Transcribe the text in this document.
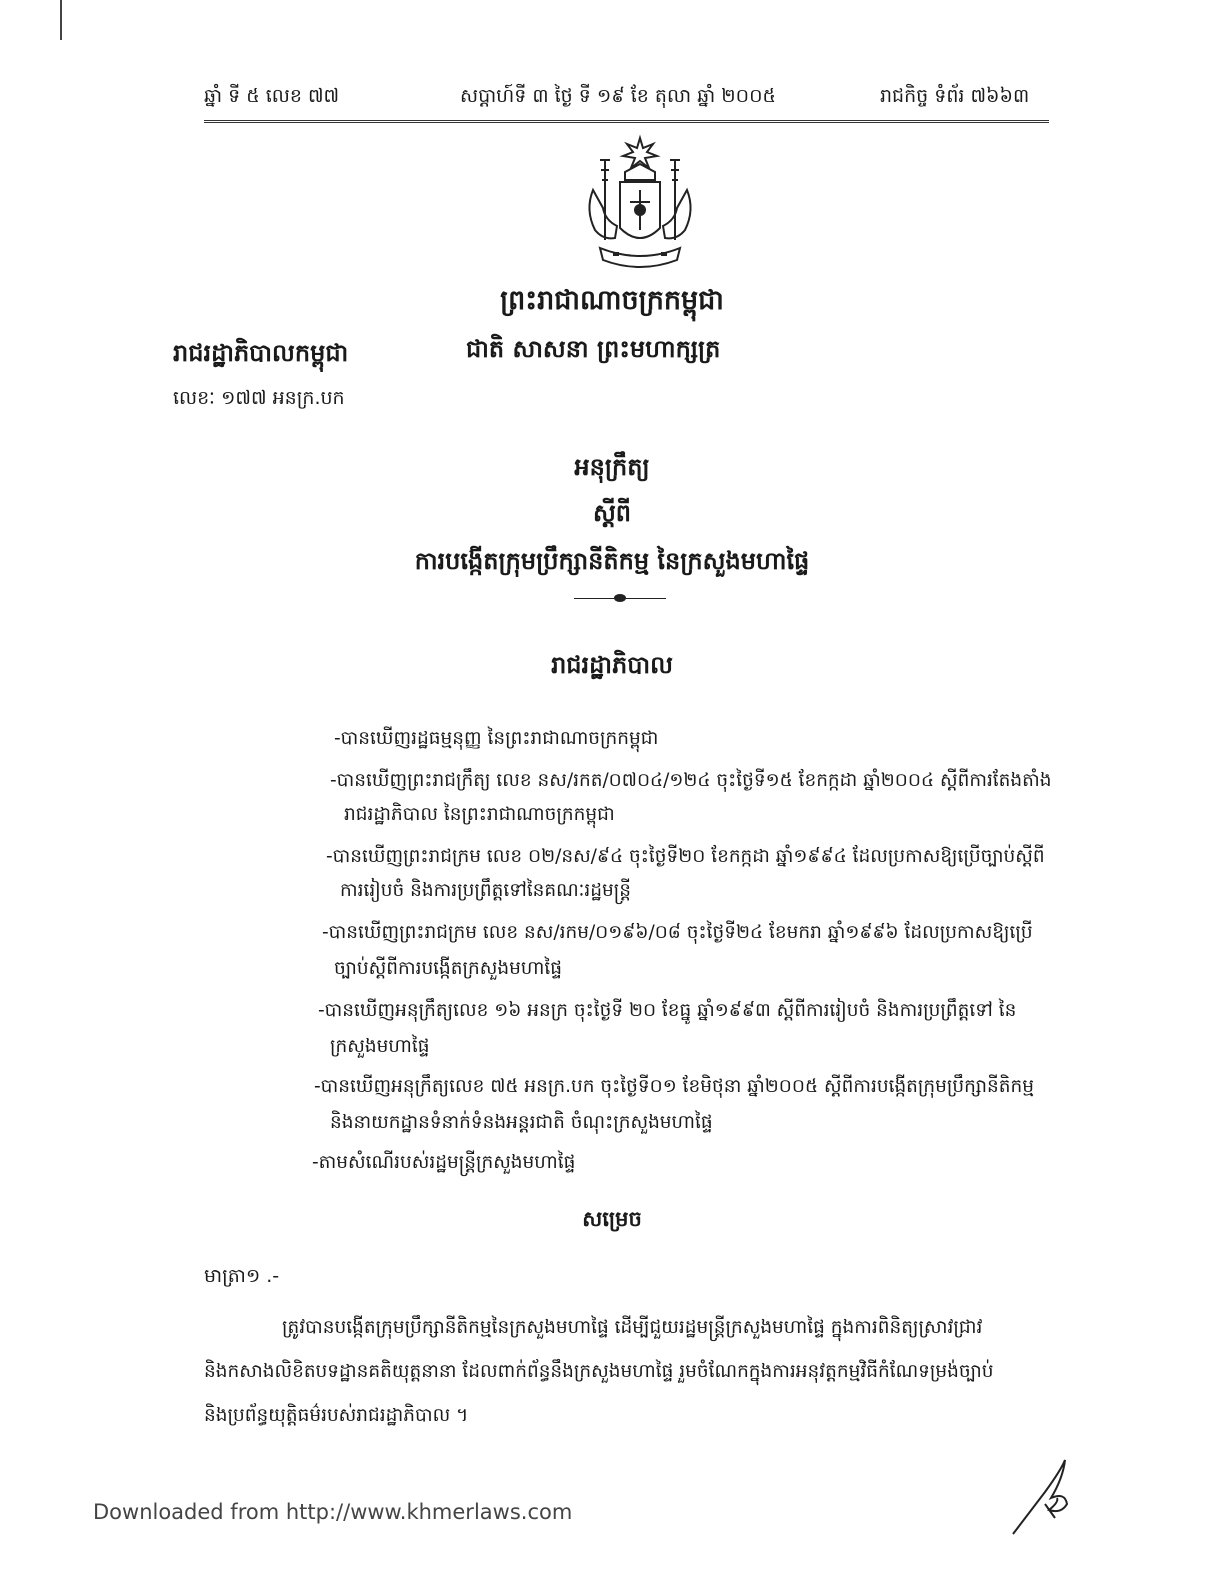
ឆ្នាំ ទី ៥ លេខ ៧៧	សប្តាហ៍ទី ៣ ថ្ងៃ ទី ១៩ ខែ តុលា ឆ្នាំ ២០០៥	រាជកិច្ច ទំព័រ ៧៦៦៣
ព្រះរាជាណាចក្រកម្ពុជា
ជាតិ សាសនា ព្រះមហាក្សត្រ
រាជរដ្ឋាភិបាលកម្ពុជា
លេខៈ ១៧៧ អនក្រ.បក
អនុក្រឹត្យ
ស្តីពី
ការបង្កើតក្រុមប្រឹក្សានីតិកម្ម នៃក្រសួងមហាផ្ទៃ
រាជរដ្ឋាភិបាល
-បានឃើញរដ្ឋធម្មនុញ្ញ នៃព្រះរាជាណាចក្រកម្ពុជា
-បានឃើញព្រះរាជក្រឹត្យ លេខ នស/រកត/០៧០៤/១២៤ ចុះថ្ងៃទី១៥ ខែកក្កដា ឆ្នាំ២០០៤ ស្តីពីការតែងតាំង
រាជរដ្ឋាភិបាល នៃព្រះរាជាណាចក្រកម្ពុជា
-បានឃើញព្រះរាជក្រម លេខ ០២/នស/៩៤ ចុះថ្ងៃទី២០ ខែកក្កដា ឆ្នាំ១៩៩៤ ដែលប្រកាសឱ្យប្រើច្បាប់ស្តីពី
ការរៀបចំ និងការប្រព្រឹត្តទៅនៃគណៈរដ្ឋមន្ត្រី
-បានឃើញព្រះរាជក្រម លេខ នស/រកម/០១៩៦/០៨ ចុះថ្ងៃទី២៤ ខែមករា ឆ្នាំ១៩៩៦ ដែលប្រកាសឱ្យប្រើ
ច្បាប់ស្តីពីការបង្កើតក្រសួងមហាផ្ទៃ
-បានឃើញអនុក្រឹត្យលេខ ១៦ អនក្រ ចុះថ្ងៃទី ២០ ខែធ្នូ ឆ្នាំ១៩៩៣ ស្តីពីការរៀបចំ និងការប្រព្រឹត្តទៅ នៃ
ក្រសួងមហាផ្ទៃ
-បានឃើញអនុក្រឹត្យលេខ ៧៥ អនក្រ.បក ចុះថ្ងៃទី០១ ខែមិថុនា ឆ្នាំ២០០៥ ស្តីពីការបង្កើតក្រុមប្រឹក្សានីតិកម្ម
និងនាយកដ្ឋានទំនាក់ទំនងអន្តរជាតិ ចំណុះក្រសួងមហាផ្ទៃ
-តាមសំណើរបស់រដ្ឋមន្ត្រីក្រសួងមហាផ្ទៃ
សម្រេច
មាត្រា១ .-
ត្រូវបានបង្កើតក្រុមប្រឹក្សានីតិកម្មនៃក្រសួងមហាផ្ទៃ ដើម្បីជួយរដ្ឋមន្ត្រីក្រសួងមហាផ្ទៃ ក្នុងការពិនិត្យស្រាវជ្រាវ
និងកសាងលិខិតបទដ្ឋានគតិយុត្តនានា ដែលពាក់ព័ន្ធនឹងក្រសួងមហាផ្ទៃ រួមចំណែកក្នុងការអនុវត្តកម្មវិធីកំណែទម្រង់ច្បាប់
និងប្រព័ន្ធយុត្តិធម៌របស់រាជរដ្ឋាភិបាល ។
Downloaded from http://www.khmerlaws.com
